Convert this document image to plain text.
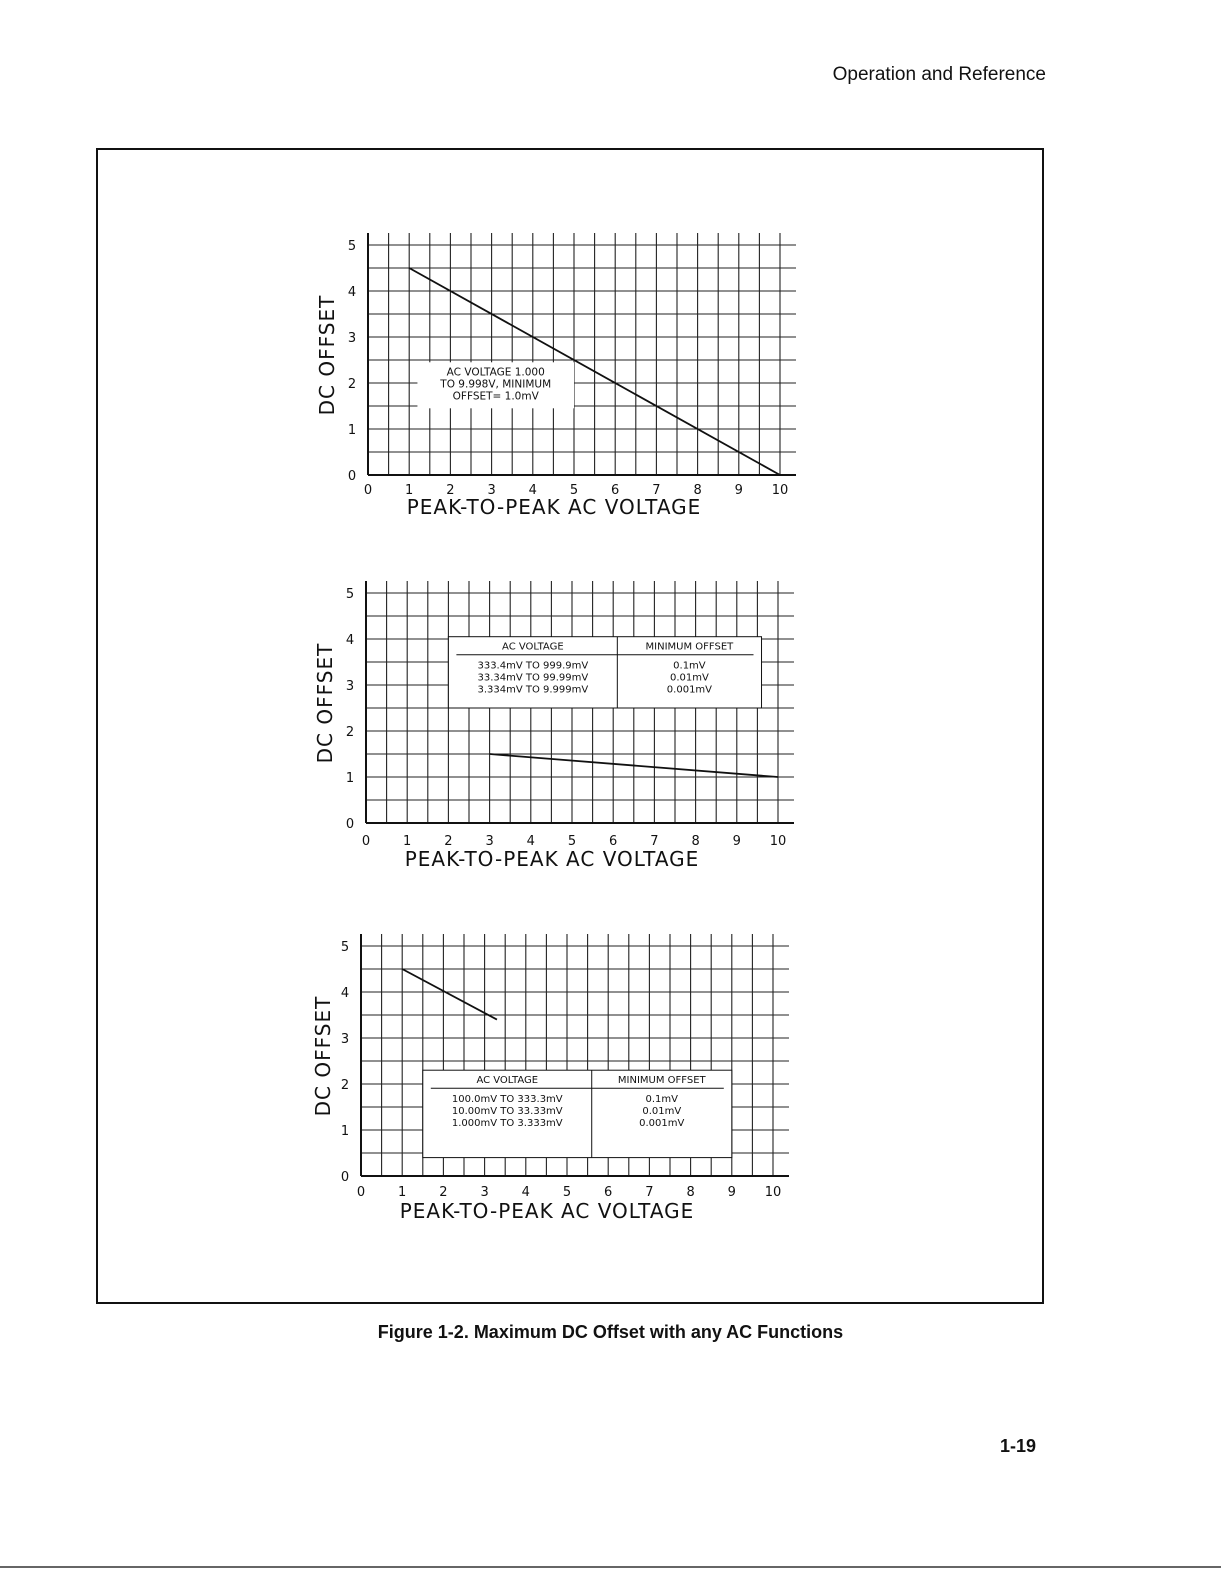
Operation and Reference
0	1	2	3	4	5	6	7	8	9 10
0
1
2
3
4
5
PEAK-TO-PEAK AC VOLTAGE
DC OFFSET	AC VOLTAGE 1.000
TO 9.998V, MINIMUM
OFFSET= 1.0mV
0	1	2	3	4	5	6	7	8	9 10
0
1
2
3
4
5
PEAK-TO-PEAK AC VOLTAGE
DC OFFSET	AC VOLTAGE	MINIMUM OFFSET
333.4mV TO 999.9mV	0.1mV
33.34mV TO 99.99mV	0.01mV
3.334mV TO 9.999mV	0.001mV
0	1	2	3	4	5	6	7	8	9 10
0
1
2
3
4
5
PEAK-TO-PEAK AC VOLTAGE
DC OFFSET	AC VOLTAGE	MINIMUM OFFSET
100.0mV TO 333.3mV	0.1mV
10.00mV TO 33.33mV	0.01mV
1.000mV TO 3.333mV	0.001mV
Figure 1-2. Maximum DC Offset with any AC Functions
1-19
